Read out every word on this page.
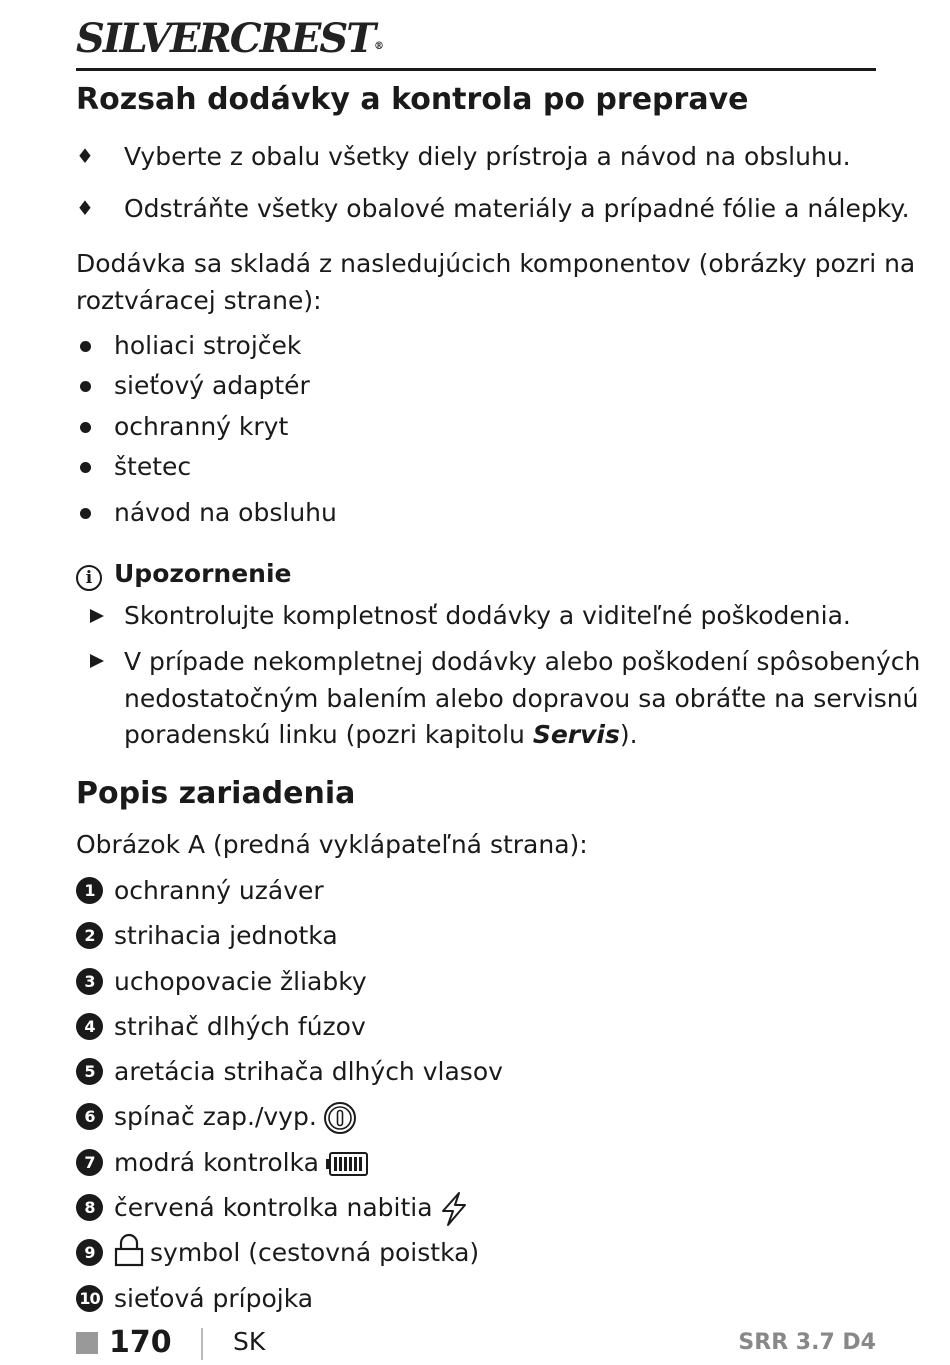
SILVERCREST®
Rozsah dodávky a kontrola po preprave
♦ Vyberte z obalu všetky diely prístroja a návod na obsluhu.
♦ Odstráňte všetky obalové materiály a prípadné fólie a nálepky.
Dodávka sa skladá z nasledujúcich komponentov (obrázky pozri na
roztváracej strane):
holiaci strojček
sieťový adaptér
ochranný kryt
štetec
návod na obsluhu
i Upozornenie
Skontrolujte kompletnosť dodávky a viditeľné poškodenia.
V prípade nekompletnej dodávky alebo poškodení spôsobených
nedostatočným balením alebo dopravou sa obráťte na servisnú
poradenskú linku (pozri kapitolu Servis).
Popis zariadenia
Obrázok A (predná vyklápateľná strana):
1 ochranný uzáver
2 strihacia jednotka
3 uchopovacie žliabky
4 strihač dlhých fúzov
5 aretácia strihača dlhých vlasov
6 spínač zap./vyp.
7 modrá kontrolka
8 červená kontrolka nabitia
9	symbol (cestovná poistka)
10 sieťová prípojka
170 SK	SRR 3.7 D4
